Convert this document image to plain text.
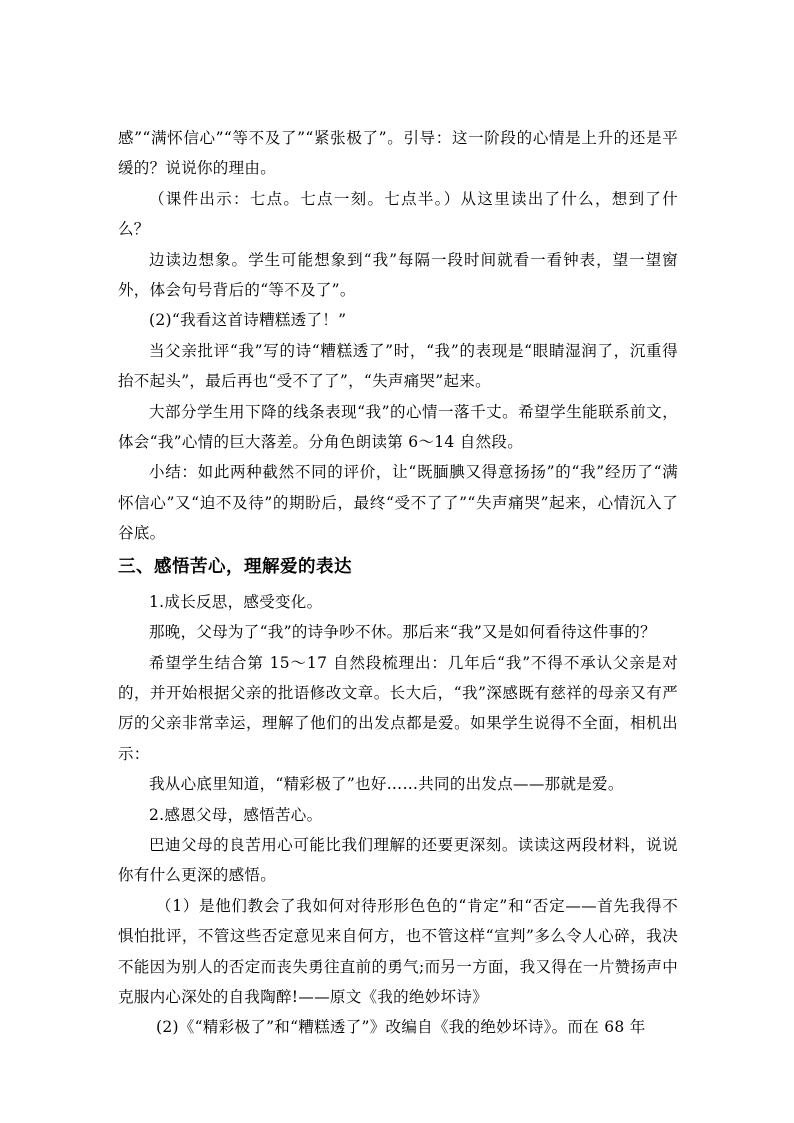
感”“满怀信心”“等不及了”“紧张极了”。引导：这一阶段的心情是上升的还是平缓的？说说你的理由。

（课件出示：七点。七点一刻。七点半。）从这里读出了什么，想到了什么？

边读边想象。学生可能想象到“我”每隔一段时间就看一看钟表，望一望窗外，体会句号背后的“等不及了”。

(2)“我看这首诗糟糕透了！”

当父亲批评“我”写的诗“糟糕透了”时，“我”的表现是“眼睛湿润了，沉重得抬不起头”，最后再也“受不了了”，“失声痛哭”起来。

大部分学生用下降的线条表现“我”的心情一落千丈。希望学生能联系前文，体会“我”心情的巨大落差。分角色朗读第 6～14 自然段。

小结：如此两种截然不同的评价，让“既腼腆又得意扬扬”的“我”经历了“满怀信心”又“迫不及待”的期盼后，最终“受不了了”“失声痛哭”起来，心情沉入了谷底。

三、感悟苦心，理解爱的表达

1.成长反思，感受变化。

那晚，父母为了“我”的诗争吵不休。那后来“我”又是如何看待这件事的？

希望学生结合第 15～17 自然段梳理出：几年后“我”不得不承认父亲是对的，并开始根据父亲的批语修改文章。长大后，“我”深感既有慈祥的母亲又有严厉的父亲非常幸运，理解了他们的出发点都是爱。如果学生说得不全面，相机出示：

我从心底里知道，“精彩极了”也好……共同的出发点——那就是爱。

2.感恩父母，感悟苦心。

巴迪父母的良苦用心可能比我们理解的还要更深刻。读读这两段材料，说说你有什么更深的感悟。

（1）是他们教会了我如何对待形形色色的“肯定”和“否定——首先我得不惧怕批评，不管这些否定意见来自何方，也不管这样“宣判”多么令人心碎，我决不能因为别人的否定而丧失勇往直前的勇气;而另一方面，我又得在一片赞扬声中克服内心深处的自我陶醉!——原文《我的绝妙坏诗》

(2)《“精彩极了”和“糟糕透了”》改编自《我的绝妙坏诗》。而在 68 年
